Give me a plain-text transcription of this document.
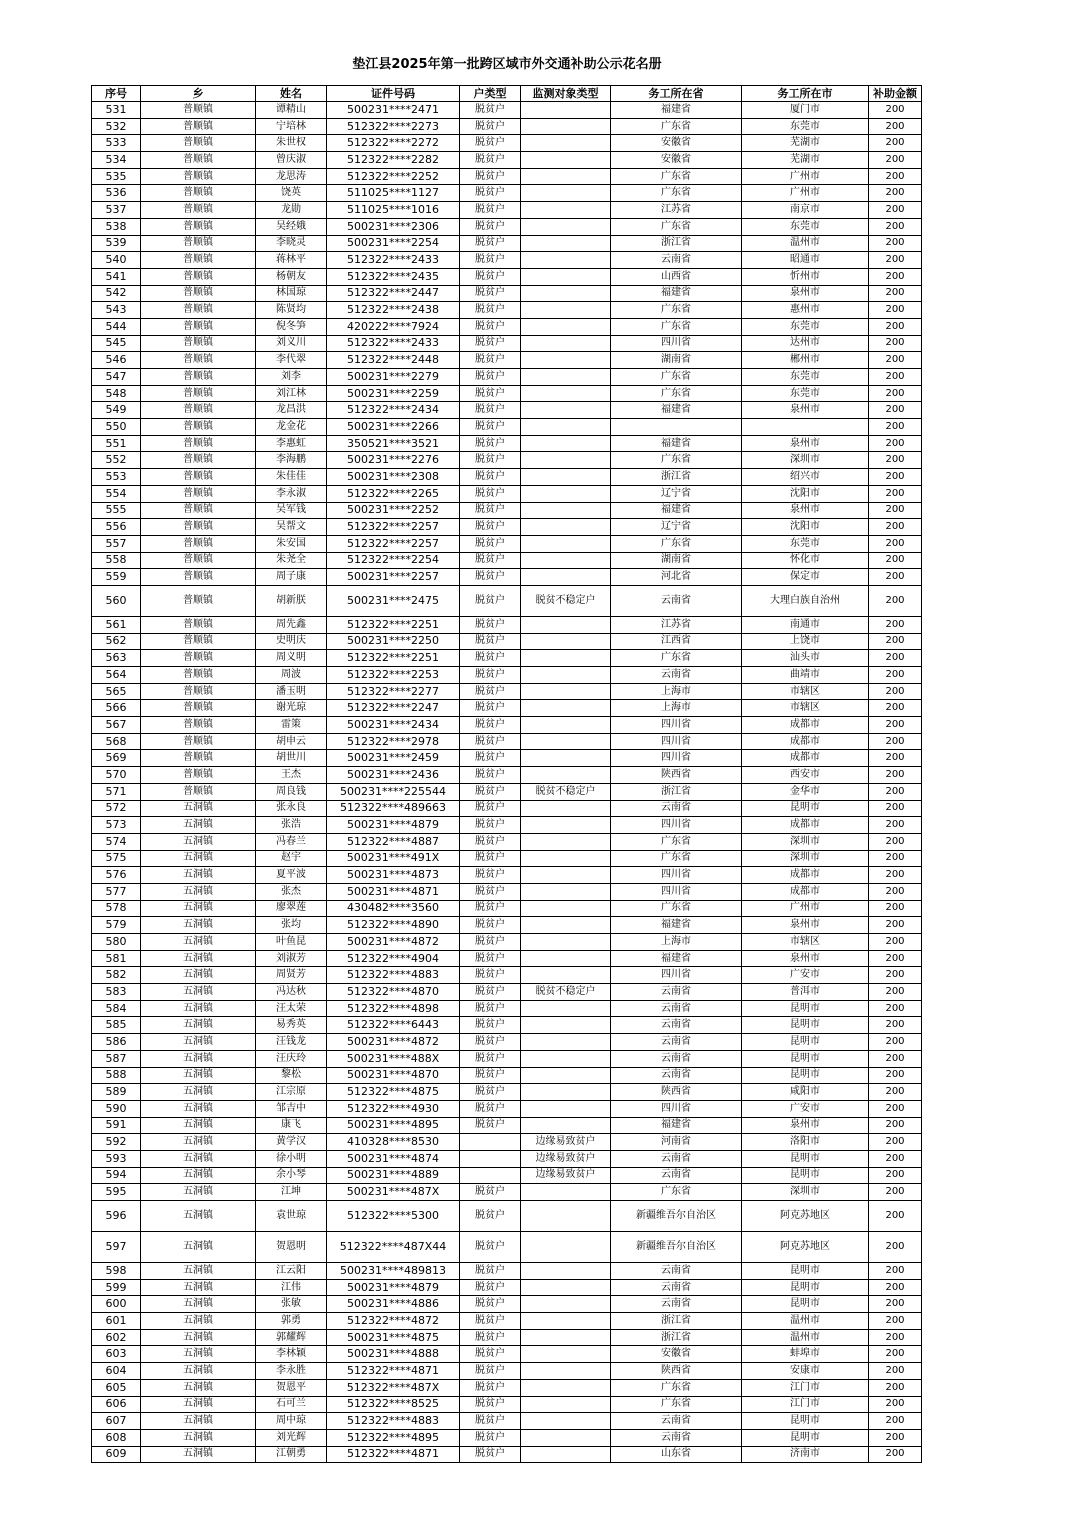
垫江县2025年第一批跨区域市外交通补助公示花名册
序号	乡	姓名	证件号码	户类型	监测对象类型	务工所在省	务工所在市	补助金额
531	普顺镇	谭精山	500231****2471	脱贫户		福建省	厦门市	200
532	普顺镇	宁培林	512322****2273	脱贫户		广东省	东莞市	200
533	普顺镇	朱世权	512322****2272	脱贫户		安徽省	芜湖市	200
534	普顺镇	曾庆淑	512322****2282	脱贫户		安徽省	芜湖市	200
535	普顺镇	龙思涛	512322****2252	脱贫户		广东省	广州市	200
536	普顺镇	饶英	511025****1127	脱贫户		广东省	广州市	200
537	普顺镇	龙勋	511025****1016	脱贫户		江苏省	南京市	200
538	普顺镇	吴经娥	500231****2306	脱贫户		广东省	东莞市	200
539	普顺镇	李晓灵	500231****2254	脱贫户		浙江省	温州市	200
540	普顺镇	蒋林平	512322****2433	脱贫户		云南省	昭通市	200
541	普顺镇	杨朝友	512322****2435	脱贫户		山西省	忻州市	200
542	普顺镇	林国琼	512322****2447	脱贫户		福建省	泉州市	200
543	普顺镇	陈贤均	512322****2438	脱贫户		广东省	惠州市	200
544	普顺镇	倪冬笋	420222****7924	脱贫户		广东省	东莞市	200
545	普顺镇	刘义川	512322****2433	脱贫户		四川省	达州市	200
546	普顺镇	李代翠	512322****2448	脱贫户		湖南省	郴州市	200
547	普顺镇	刘李	500231****2279	脱贫户		广东省	东莞市	200
548	普顺镇	刘江林	500231****2259	脱贫户		广东省	东莞市	200
549	普顺镇	龙昌洪	512322****2434	脱贫户		福建省	泉州市	200
550	普顺镇	龙金花	500231****2266	脱贫户				200
551	普顺镇	李惠虹	350521****3521	脱贫户		福建省	泉州市	200
552	普顺镇	李海鹏	500231****2276	脱贫户		广东省	深圳市	200
553	普顺镇	朱佳佳	500231****2308	脱贫户		浙江省	绍兴市	200
554	普顺镇	李永淑	512322****2265	脱贫户		辽宁省	沈阳市	200
555	普顺镇	吴军钱	500231****2252	脱贫户		福建省	泉州市	200
556	普顺镇	吴帮文	512322****2257	脱贫户		辽宁省	沈阳市	200
557	普顺镇	朱安国	512322****2257	脱贫户		广东省	东莞市	200
558	普顺镇	朱尧全	512322****2254	脱贫户		湖南省	怀化市	200
559	普顺镇	周子康	500231****2257	脱贫户		河北省	保定市	200
560	普顺镇	胡新朕	500231****2475	脱贫户	脱贫不稳定户	云南省	大理白族自治州	200
561	普顺镇	周先鑫	512322****2251	脱贫户		江苏省	南通市	200
562	普顺镇	史明庆	500231****2250	脱贫户		江西省	上饶市	200
563	普顺镇	周义明	512322****2251	脱贫户		广东省	汕头市	200
564	普顺镇	周波	512322****2253	脱贫户		云南省	曲靖市	200
565	普顺镇	潘玉明	512322****2277	脱贫户		上海市	市辖区	200
566	普顺镇	谢光琼	512322****2247	脱贫户		上海市	市辖区	200
567	普顺镇	雷策	500231****2434	脱贫户		四川省	成都市	200
568	普顺镇	胡申云	512322****2978	脱贫户		四川省	成都市	200
569	普顺镇	胡世川	500231****2459	脱贫户		四川省	成都市	200
570	普顺镇	王杰	500231****2436	脱贫户		陕西省	西安市	200
571	普顺镇	周良钱	500231****225544	脱贫户	脱贫不稳定户	浙江省	金华市	200
572	五洞镇	张永良	512322****489663	脱贫户		云南省	昆明市	200
573	五洞镇	张浩	500231****4879	脱贫户		四川省	成都市	200
574	五洞镇	冯春兰	512322****4887	脱贫户		广东省	深圳市	200
575	五洞镇	赵宇	500231****491X	脱贫户		广东省	深圳市	200
576	五洞镇	夏平波	500231****4873	脱贫户		四川省	成都市	200
577	五洞镇	张杰	500231****4871	脱贫户		四川省	成都市	200
578	五洞镇	廖翠莲	430482****3560	脱贫户		广东省	广州市	200
579	五洞镇	张均	512322****4890	脱贫户		福建省	泉州市	200
580	五洞镇	叶鱼昆	500231****4872	脱贫户		上海市	市辖区	200
581	五洞镇	刘淑芳	512322****4904	脱贫户		福建省	泉州市	200
582	五洞镇	周贤芳	512322****4883	脱贫户		四川省	广安市	200
583	五洞镇	冯达秋	512322****4870	脱贫户	脱贫不稳定户	云南省	普洱市	200
584	五洞镇	汪太荣	512322****4898	脱贫户		云南省	昆明市	200
585	五洞镇	易秀英	512322****6443	脱贫户		云南省	昆明市	200
586	五洞镇	汪钱龙	500231****4872	脱贫户		云南省	昆明市	200
587	五洞镇	汪庆玲	500231****488X	脱贫户		云南省	昆明市	200
588	五洞镇	黎松	500231****4870	脱贫户		云南省	昆明市	200
589	五洞镇	江宗原	512322****4875	脱贫户		陕西省	咸阳市	200
590	五洞镇	邹吉中	512322****4930	脱贫户		四川省	广安市	200
591	五洞镇	康飞	500231****4895	脱贫户		福建省	泉州市	200
592	五洞镇	黄学汉	410328****8530		边缘易致贫户	河南省	洛阳市	200
593	五洞镇	徐小明	500231****4874		边缘易致贫户	云南省	昆明市	200
594	五洞镇	余小琴	500231****4889		边缘易致贫户	云南省	昆明市	200
595	五洞镇	江坤	500231****487X	脱贫户		广东省	深圳市	200
596	五洞镇	袁世琼	512322****5300	脱贫户		新疆维吾尔自治区	阿克苏地区	200
597	五洞镇	贺恩明	512322****487X44	脱贫户		新疆维吾尔自治区	阿克苏地区	200
598	五洞镇	江云阳	500231****489813	脱贫户		云南省	昆明市	200
599	五洞镇	江伟	500231****4879	脱贫户		云南省	昆明市	200
600	五洞镇	张敏	500231****4886	脱贫户		云南省	昆明市	200
601	五洞镇	郭勇	512322****4872	脱贫户		浙江省	温州市	200
602	五洞镇	郭耀辉	500231****4875	脱贫户		浙江省	温州市	200
603	五洞镇	李林颖	500231****4888	脱贫户		安徽省	蚌埠市	200
604	五洞镇	李永胜	512322****4871	脱贫户		陕西省	安康市	200
605	五洞镇	贺恩平	512322****487X	脱贫户		广东省	江门市	200
606	五洞镇	石可兰	512322****8525	脱贫户		广东省	江门市	200
607	五洞镇	周中琼	512322****4883	脱贫户		云南省	昆明市	200
608	五洞镇	刘光辉	512322****4895	脱贫户		云南省	昆明市	200
609	五洞镇	江朝勇	512322****4871	脱贫户		山东省	济南市	200
